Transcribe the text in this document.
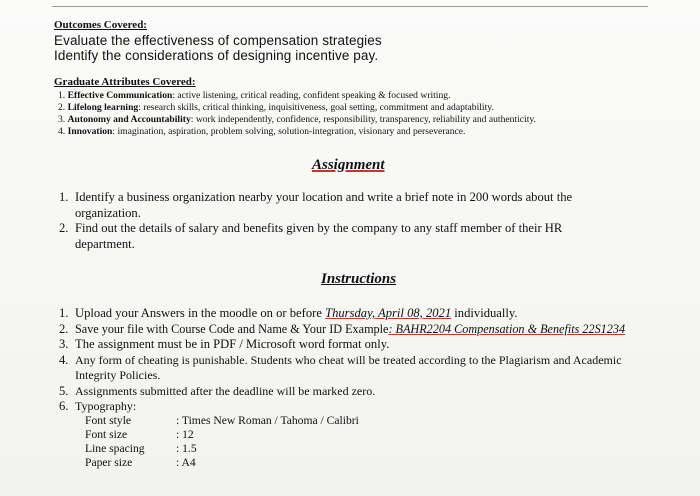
Outcomes Covered:
Evaluate the effectiveness of compensation strategies
Identify the considerations of designing incentive pay.
Graduate Attributes Covered:
1. Effective Communication: active listening, critical reading, confident speaking & focused writing.
2. Lifelong learning: research skills, critical thinking, inquisitiveness, goal setting, commitment and adaptability.
3. Autonomy and Accountability: work independently, confidence, responsibility, transparency, reliability and authenticity.
4. Innovation: imagination, aspiration, problem solving, solution-integration, visionary and perseverance.
Assignment
1. Identify a business organization nearby your location and write a brief note in 200 words about the
organization.
2. Find out the details of salary and benefits given by the company to any staff member of their HR
department.
Instructions
1. Upload your Answers in the moodle on or before Thursday, April 08, 2021 individually.
2. Save your file with Course Code and Name & Your ID Example: BAHR2204 Compensation & Benefits 22S1234
3. The assignment must be in PDF / Microsoft word format only.
4. Any form of cheating is punishable. Students who cheat will be treated according to the Plagiarism and Academic
Integrity Policies.
5. Assignments submitted after the deadline will be marked zero.
6. Typography:
Font style	: Times New Roman / Tahoma / Calibri
Font size	: 12
Line spacing	: 1.5
Paper size	: A4
